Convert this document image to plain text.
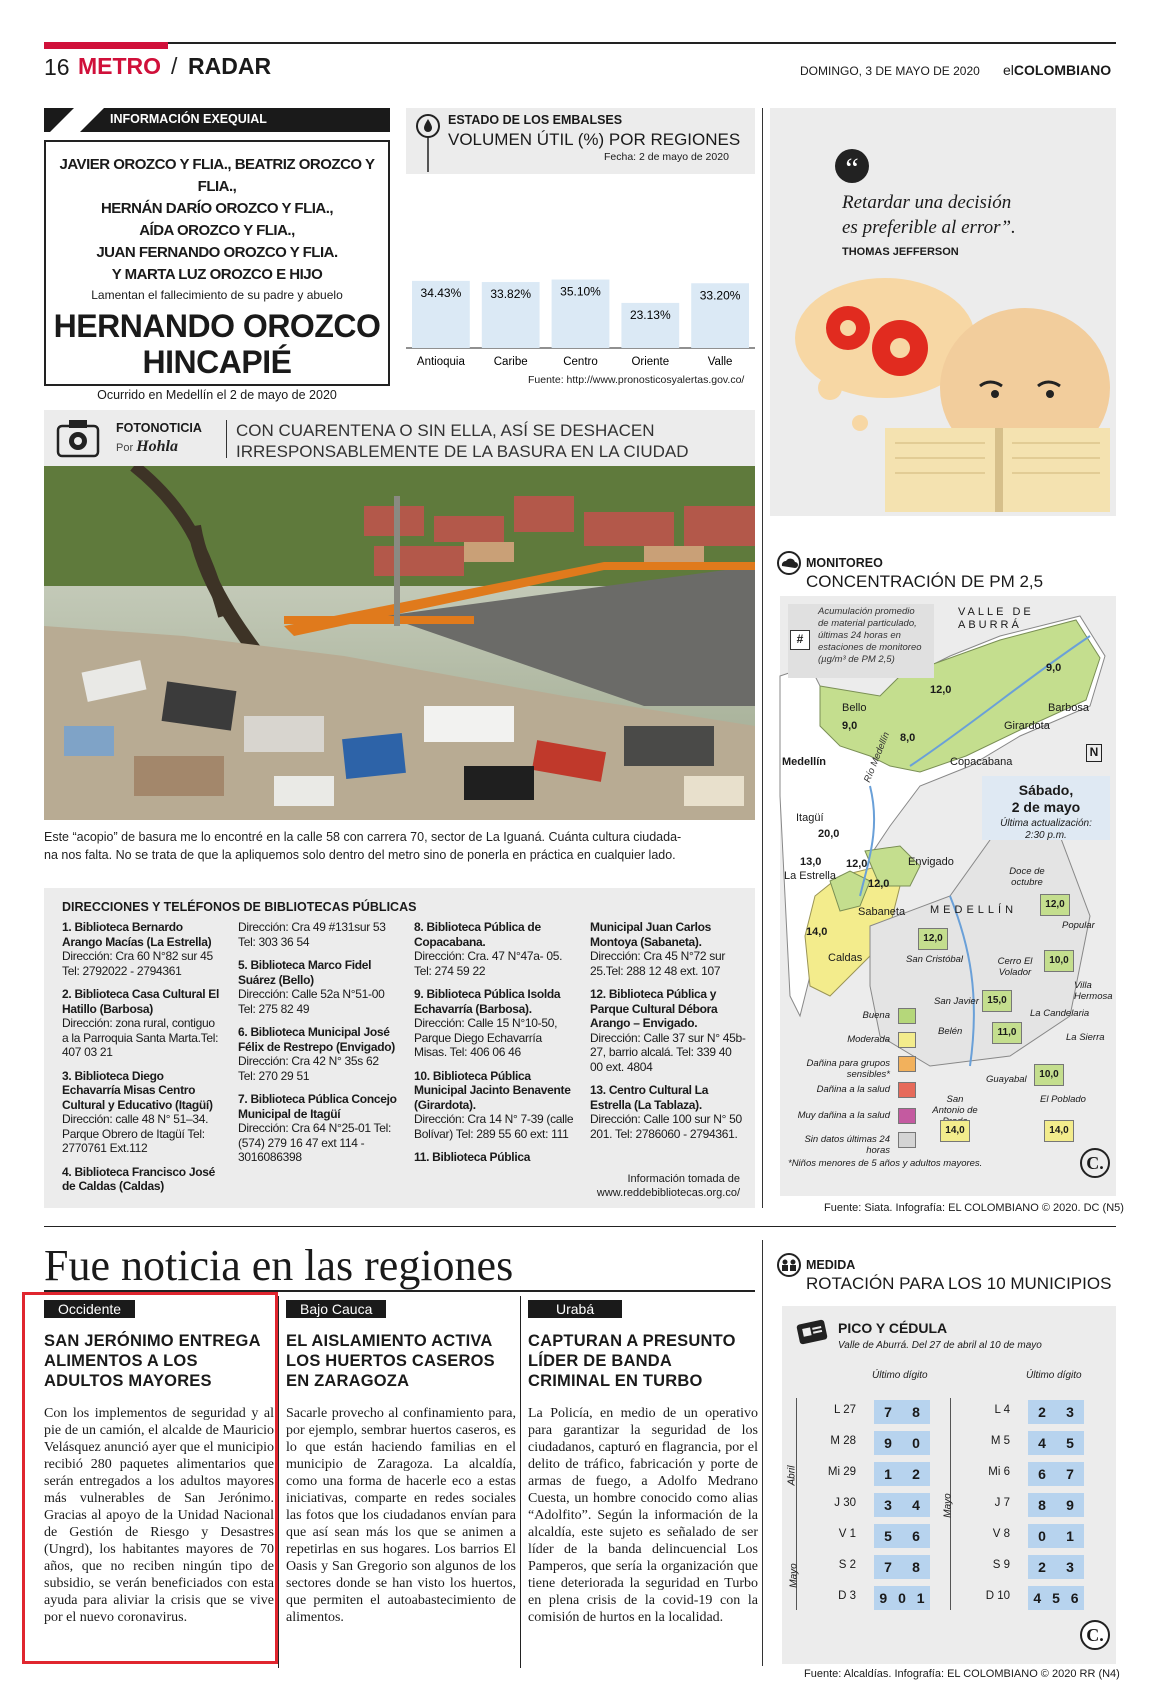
16 METRO / RADAR	DOMINGO, 3 DE MAYO DE 2020 elCOLOMBIANO
INFORMACIÓN EXEQUIAL
JAVIER OROZCO Y FLIA., BEATRIZ OROZCO Y FLIA.,
HERNÁN DARÍO OROZCO Y FLIA.,
AÍDA OROZCO Y FLIA.,
JUAN FERNANDO OROZCO Y FLIA.
Y MARTA LUZ OROZCO E HIJO
Lamentan el fallecimiento de su padre y abuelo
HERNANDO OROZCO
HINCAPIÉ
Ocurrido en Medellín el 2 de mayo de 2020
ESTADO DE LOS EMBALSES
VOLUMEN ÚTIL (%) POR REGIONES
Fecha: 2 de mayo de 2020
34.43%
Antioquia
33.82%
Caribe
35.10%
Centro
23.13%
Oriente
33.20%
Valle
Fuente: http://www.pronosticosyalertas.gov.co/
“
Retardar una decisión
es preferible al error”.
THOMAS JEFFERSON
FOTONOTICIA
Por Hohla
CON CUARENTENA O SIN ELLA, ASÍ SE DESHACEN
IRRESPONSABLEMENTE DE LA BASURA EN LA CIUDAD
Este “acopio” de basura me lo encontré en la calle 58 con carrera 70, sector de La Iguaná. Cuánta cultura ciudada-
na nos falta. No se trata de que la apliquemos solo dentro del metro sino de ponerla en práctica en cualquier lado.
DIRECCIONES Y TELÉFONOS DE BIBLIOTECAS PÚBLICAS

1. Biblioteca Bernardo Arango Macías (La Estrella)
Dirección: Cra 60 N°82 sur 45 Tel: 2792022 - 2794361

2. Biblioteca Casa Cultural El Hatillo (Barbosa)
Dirección: zona rural, contiguo a la Parroquia Santa Marta.Tel: 407 03 21

3. Biblioteca Diego Echavarría Misas Centro Cultural y Educativo (Itagüí)
Dirección: calle 48 N° 51–34. Parque Obrero de Itagüí Tel: 2770761 Ext.112

4. Biblioteca Francisco José de Caldas (Caldas)

Dirección: Cra 49 #131sur 53 Tel: 303 36 54

5. Biblioteca Marco Fidel Suárez (Bello)
Dirección: Calle 52a N°51-00 Tel: 275 82 49

6. Biblioteca Municipal José Félix de Restrepo (Envigado)
Dirección: Cra 42 N° 35s 62 Tel: 270 29 51

7. Biblioteca Pública Concejo Municipal de Itagüí
Dirección: Cra 64 N°25-01 Tel: (574) 279 16 47 ext 114 - 3016086398

8. Biblioteca Pública de Copacabana.
Dirección: Cra. 47 N°47a- 05. Tel: 274 59 22

9. Biblioteca Pública Isolda Echavarría (Barbosa).
Dirección: Calle 15 N°10-50, Parque Diego Echavarría Misas. Tel: 406 06 46

10. Biblioteca Pública Municipal Jacinto Benavente (Girardota).
Dirección: Cra 14 N° 7-39 (calle Bolívar) Tel: 289 55 60 ext: 111

11. Biblioteca Pública

Municipal Juan Carlos Montoya (Sabaneta).
Dirección: Cra 45 N°72 sur 25.Tel: 288 12 48 ext. 107

12. Biblioteca Pública y Parque Cultural Débora Arango – Envigado.
Dirección: Calle 37 sur N° 45b-27, barrio alcalá. Tel: 339 40 00 ext. 4804

13. Centro Cultural La Estrella (La Tablaza).
Dirección: Calle 100 sur N° 50 201. Tel: 2786060 - 2794361.

Información tomada de
www.reddebibliotecas.org.co/
MONITOREO
CONCENTRACIÓN DE PM 2,5
#
Acumulación promedio
de material particulado,
últimas 24 horas en
estaciones de monitoreo
(µg/m³ de PM 2,5)
VALLE DE
ABURRÁ
N
Sábado,
2 de mayo
Última actualización:
2:30 p.m.
MEDELLÍN
Río Medellín
Bello
9,0
Barbosa
9,0
Girardota
12,0
Copacabana
8,0
Medellín
Itagüí
20,0
La Estrella
13,0	Envigado
12,0
Sabaneta
12,0
Caldas
14,0
Doce de octubre
12,0
Popular
San Cristóbal
12,0
Cerro El Volador
10,0
Villa Hermosa
San Javier 15,0
La Candelaria
Belén	11,0	La Sierra
Guayabal	10,0
El Poblado
San Antonio de
14,0	14,0
Buena
Moderada
Dañina para grupos sensibles*
Dañina a la salud
Muy dañina a la salud
Sin datos últimas 24 horas
*Niños menores de 5 años y adultos mayores.	C.
Fuente: Siata. Infografía: EL COLOMBIANO © 2020. DC (N5)
Fue noticia en las regiones
Occidente
SAN JERÓNIMO ENTREGA ALIMENTOS A LOS ADULTOS MAYORES
Con los implementos de seguridad y al pie de un camión, el alcalde de Mauricio Velásquez anunció ayer que el municipio recibió 280 paquetes alimentarios que serán entregados a los adultos mayores más vulnerables de San Jerónimo. Gracias al apoyo de la Unidad Nacional de Gestión de Riesgo y Desastres (Ungrd), los habitantes mayores de 70 años, que no reciben ningún tipo de subsidio, se verán beneficiados con esta ayuda para aliviar la crisis que se vive por el nuevo coronavirus.
Bajo Cauca
EL AISLAMIENTO ACTIVA LOS HUERTOS CASEROS EN ZARAGOZA
Sacarle provecho al confinamiento para, por ejemplo, sembrar huertos caseros, es lo que están haciendo familias en el municipio de Zaragoza. La alcaldía, como una forma de hacerle eco a estas iniciativas, comparte en redes sociales las fotos que los ciudadanos envían para que así sean más los que se animen a repetirlas en sus hogares. Los barrios El Oasis y San Gregorio son algunos de los sectores donde se han visto los huertos, que permiten el autoabastecimiento de alimentos.
Urabá
CAPTURAN A PRESUNTO LÍDER DE BANDA CRIMINAL EN TURBO
La Policía, en medio de un operativo para garantizar la seguridad de los ciudadanos, capturó en flagrancia, por el delito de tráfico, fabricación y porte de armas de fuego, a Adolfo Medrano Cuesta, un hombre conocido como alias “Adolfito”. Según la información de la alcaldía, este sujeto es señalado de ser líder de la banda delincuencial Los Pamperos, que sería la organización que tiene deteriorada la seguridad en Turbo en plena crisis de la covid-19 con la comisión de hurtos en la localidad.
MEDIDA
ROTACIÓN PARA LOS 10 MUNICIPIOS
PICO Y CÉDULA
Valle de Aburrá. Del 27 de abril al 10 de mayo
Último dígito	Último dígito
Abril
Mayo
Mayo
L 27 7 8
M 28 9 0
Mi 29 1 2
J 30 3 4
V 1 5 6
S 2 7 8
D 3 9 0 1
L 4 2 3
M 5 4 5
Mi 6 6 7
J 7 8 9
V 8 0 1
S 9 2 3
D 10 4 5 6
C.
Fuente: Alcaldías. Infografía: EL COLOMBIANO © 2020 RR (N4)
